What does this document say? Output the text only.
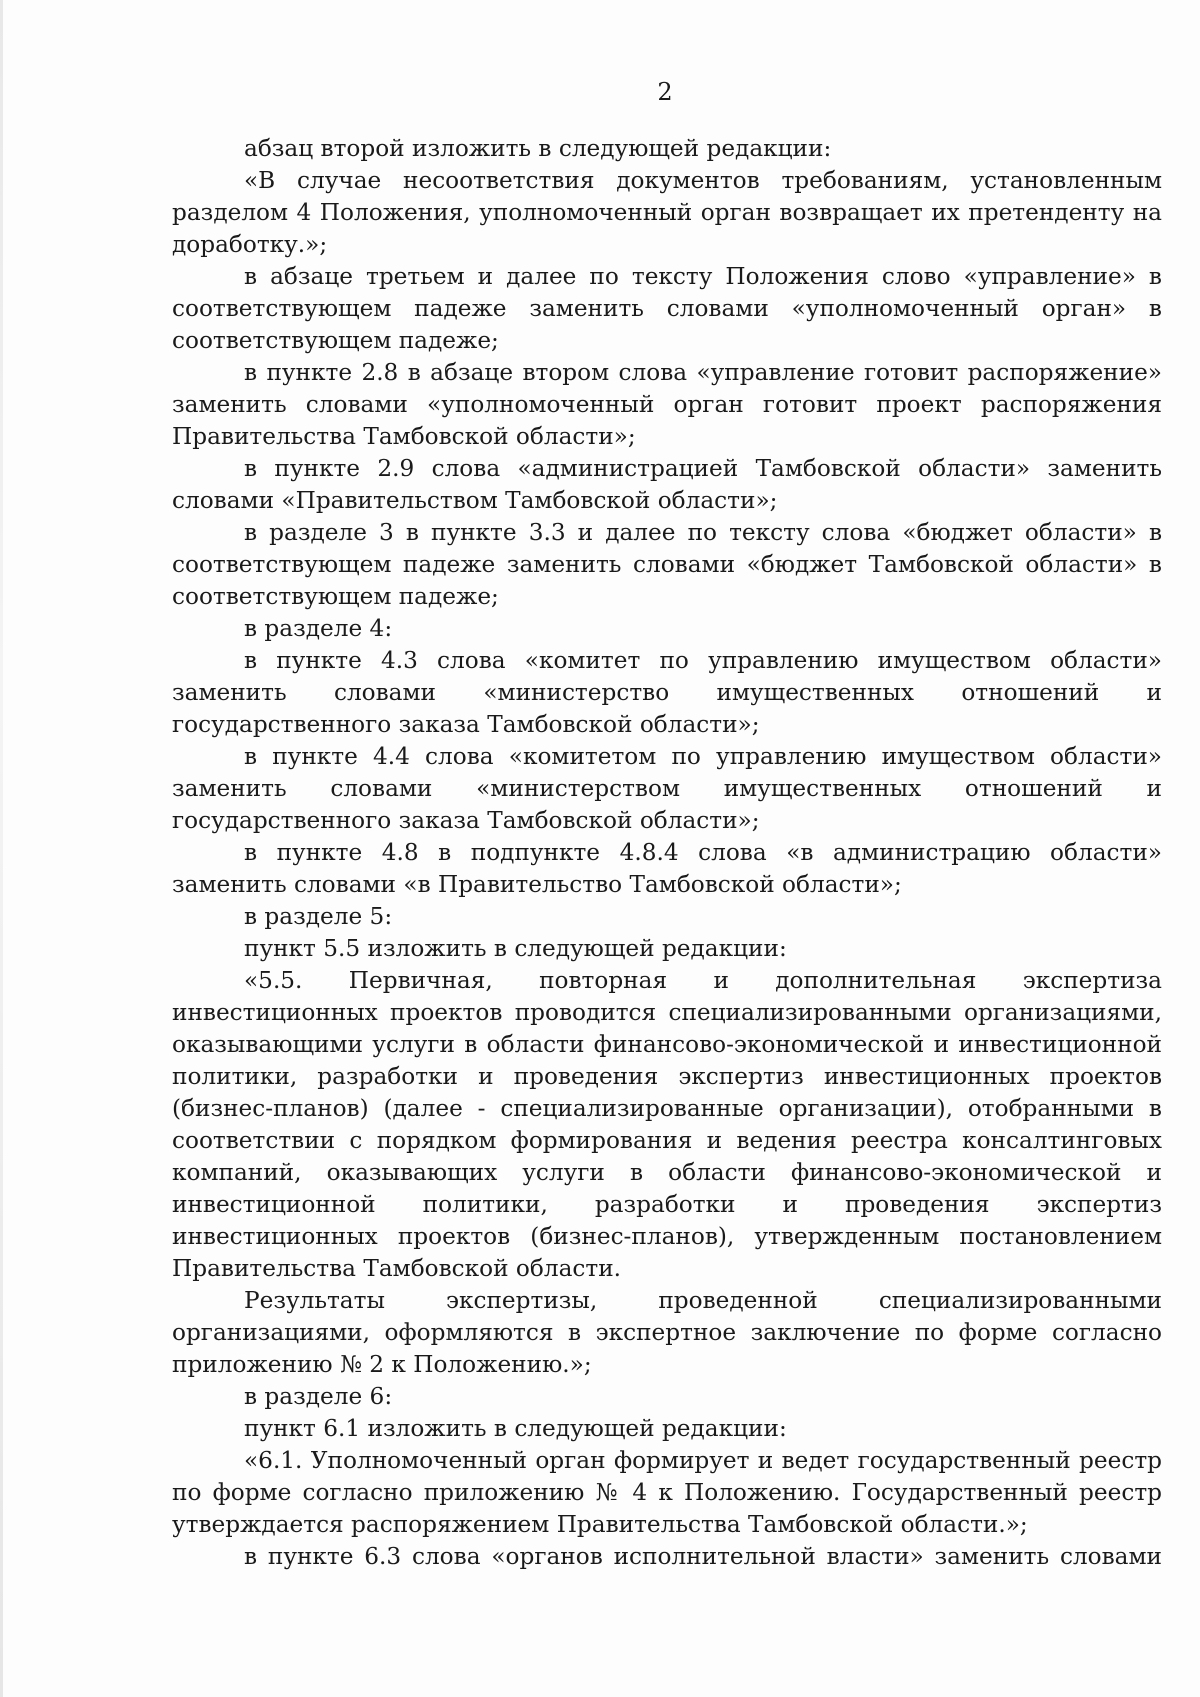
2

абзац второй изложить в следующей редакции:

«В случае несоответствия документов требованиям, установленным разделом 4 Положения, уполномоченный орган возвращает их претенденту на доработку.»;

в абзаце третьем и далее по тексту Положения слово «управление» в соответствующем падеже заменить словами «уполномоченный орган» в соответствующем падеже;

в пункте 2.8 в абзаце втором слова «управление готовит распоряжение» заменить словами «уполномоченный орган готовит проект распоряжения Правительства Тамбовской области»;

в пункте 2.9 слова «администрацией Тамбовской области» заменить словами «Правительством Тамбовской области»;

в разделе 3 в пункте 3.3 и далее по тексту слова «бюджет области» в соответствующем падеже заменить словами «бюджет Тамбовской области» в соответствующем падеже;

в разделе 4:

в пункте 4.3 слова «комитет по управлению имуществом области» заменить словами «министерство имущественных отношений и государственного заказа Тамбовской области»;

в пункте 4.4 слова «комитетом по управлению имуществом области» заменить словами «министерством имущественных отношений и государственного заказа Тамбовской области»;

в пункте 4.8 в подпункте 4.8.4 слова «в администрацию области» заменить словами «в Правительство Тамбовской области»;

в разделе 5:

пункт 5.5 изложить в следующей редакции:

«5.5. Первичная, повторная и дополнительная экспертиза инвестиционных проектов проводится специализированными организациями, оказывающими услуги в области финансово-экономической и инвестиционной политики, разработки и проведения экспертиз инвестиционных проектов (бизнес-планов) (далее - специализированные организации), отобранными в соответствии с порядком формирования и ведения реестра консалтинговых компаний, оказывающих услуги в области финансово-экономической и инвестиционной политики, разработки и проведения экспертиз инвестиционных проектов (бизнес-планов), утвержденным постановлением Правительства Тамбовской области.

Результаты экспертизы, проведенной специализированными организациями, оформляются в экспертное заключение по форме согласно приложению № 2 к Положению.»;

в разделе 6:

пункт 6.1 изложить в следующей редакции:

«6.1. Уполномоченный орган формирует и ведет государственный реестр по форме согласно приложению № 4 к Положению. Государственный реестр утверждается распоряжением Правительства Тамбовской области.»;

в пункте 6.3 слова «органов исполнительной власти» заменить словами
